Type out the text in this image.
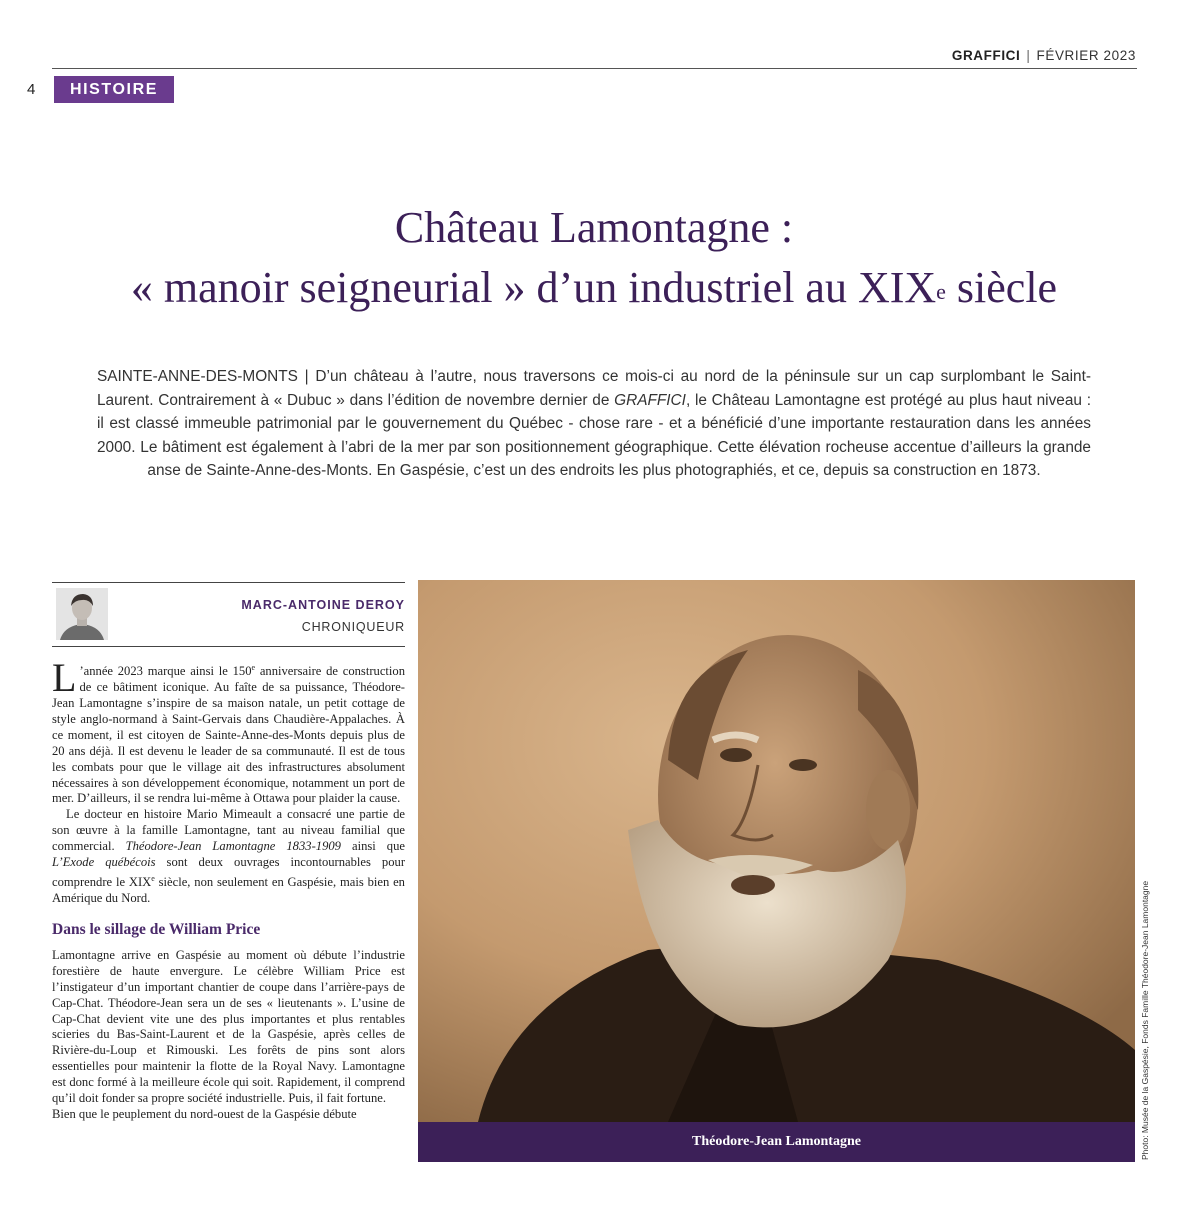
GRAFFICI | FÉVRIER 2023
4	HISTOIRE
Château Lamontagne :
« manoir seigneurial » d’un industriel au XIXe siècle

SAINTE-ANNE-DES-MONTS | D’un château à l’autre, nous traversons ce mois-ci au nord de la péninsule sur un cap surplombant le Saint-Laurent. Contrairement à « Dubuc » dans l’édition de novembre dernier de GRAFFICI, le Château Lamontagne est protégé au plus haut niveau : il est classé immeuble patrimonial par le gouvernement du Québec - chose rare - et a bénéficié d’une importante restauration dans les années 2000. Le bâtiment est également à l’abri de la mer par son positionnement géographique. Cette élévation rocheuse accentue d’ailleurs la grande anse de Sainte-Anne-des-Monts. En Gaspésie, c’est un des endroits les plus photographiés, et ce, depuis sa construction en 1873.

MARC-ANTOINE DEROY
CHRONIQUEUR

L ’année 2023 marque ainsi le 150e anniversaire de construction de ce bâtiment iconique. Au faîte de sa puissance, Théodore-Jean Lamontagne s’inspire de sa maison natale, un petit cottage de style anglo-normand à Saint-Gervais dans Chaudière-Appalaches. À ce moment, il est citoyen de Sainte-Anne-des-Monts depuis plus de 20 ans déjà. Il est devenu le leader de sa communauté. Il est de tous les combats pour que le village ait des infrastructures absolument nécessaires à son développement économique, notamment un port de mer. D’ailleurs, il se rendra lui-même à Ottawa pour plaider la cause.

Le docteur en histoire Mario Mimeault a consacré une partie de son œuvre à la famille Lamontagne, tant au niveau familial que commercial. Théodore-Jean Lamontagne 1833-1909 ainsi que L’Exode québécois sont deux ouvrages incontournables pour comprendre le XIXe siècle, non seulement en Gaspésie, mais bien en Amérique du Nord.

Dans le sillage de William Price

Lamontagne arrive en Gaspésie au moment où débute l’industrie forestière de haute envergure. Le célèbre William Price est l’instigateur d’un important chantier de coupe dans l’arrière-pays de Cap-Chat. Théodore-Jean sera un de ses « lieutenants ». L’usine de Cap-Chat devient vite une des plus importantes et plus rentables scieries du Bas-Saint-Laurent et de la Gaspésie, après celles de Rivière-du-Loup et Rimouski. Les forêts de pins sont alors essentielles pour maintenir la flotte de la Royal Navy. Lamontagne est donc formé à la meilleure école qui soit. Rapidement, il comprend qu’il doit fonder sa propre société industrielle. Puis, il fait fortune.

Bien que le peuplement du nord-ouest de la Gaspésie débute

Théodore-Jean Lamontagne	Photo: Musée de la Gaspésie, Fonds Famille Théodore-Jean Lamontagne
